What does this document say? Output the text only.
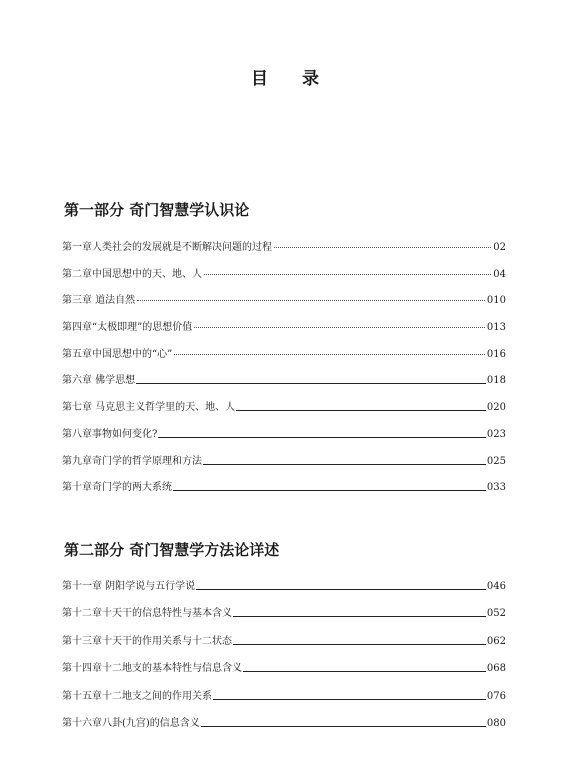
目 录
第一部分 奇门智慧学认识论
第一章人类社会的发展就是不断解决问题的过程	02
第二章中国思想中的天、地、人	04
第三章 道法自然	010
第四章“太极即理”的思想价值	013
第五章中国思想中的“心”	016
第六章 佛学思想	018
第七章 马克思主义哲学里的天、地、人	020
第八章事物如何变化?	023
第九章奇门学的哲学原理和方法	025
第十章奇门学的两大系统	033
第二部分 奇门智慧学方法论详述
第十一章 阴阳学说与五行学说	046
第十二章十天干的信息特性与基本含义	052
第十三章十天干的作用关系与十二状态	062
第十四章十二地支的基本特性与信息含义	068
第十五章十二地支之间的作用关系	076
第十六章八卦(九宫)的信息含义	080
